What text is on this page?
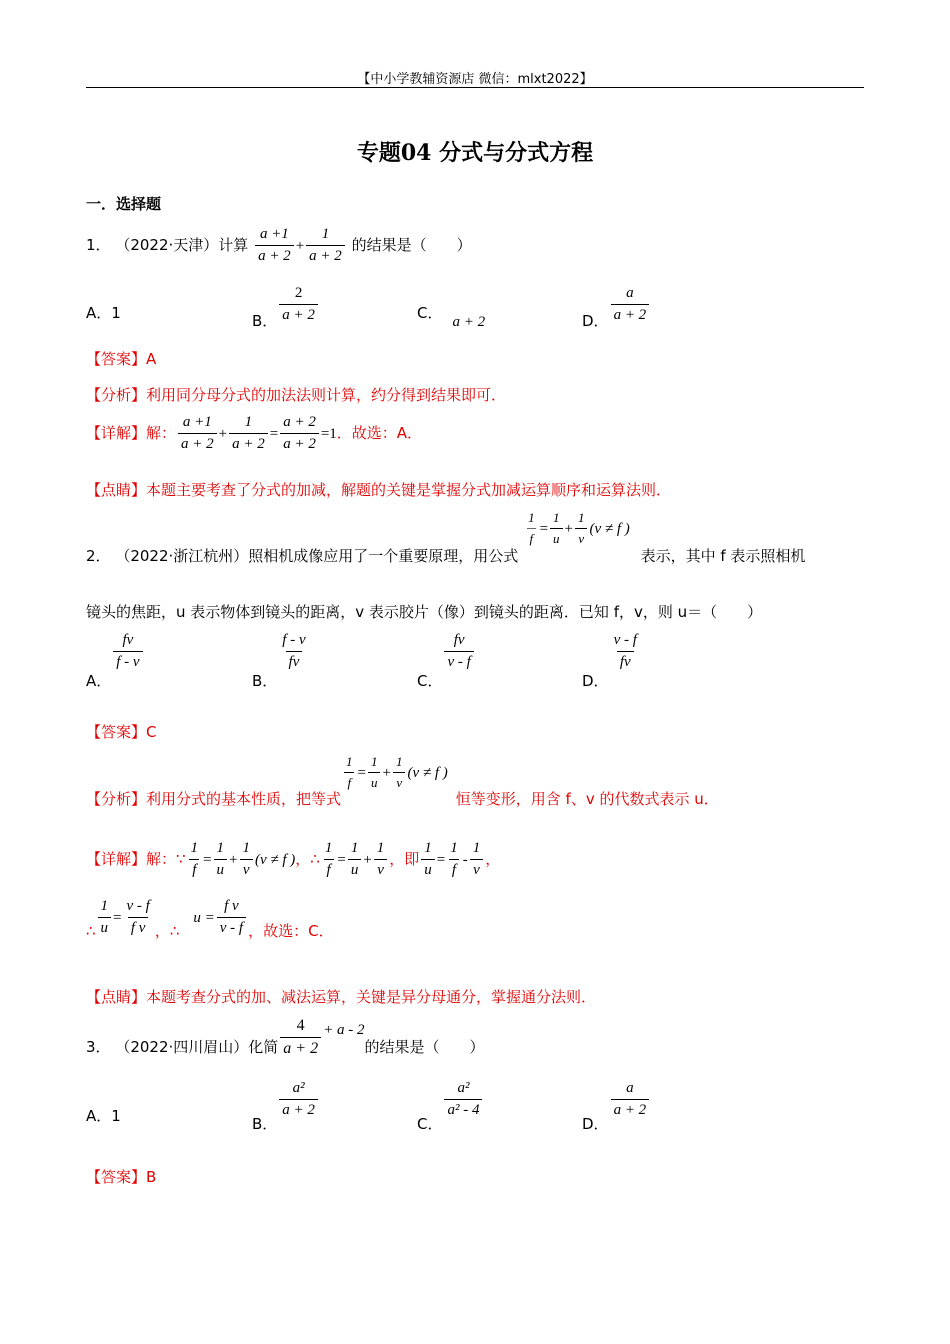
【中小学教辅资源店 微信：mlxt2022】
专题04 分式与分式方程
一．选择题
1． （2022·天津）计算 $\frac{a +1}{a + 2} + \frac{1}{a + 2}$ 的结果是（　　）
A．1	B． $\frac{2}{a + 2}$	C． a + 2	D． $\frac{a}{a + 2}$
【答案】A
【分析】利用同分母分式的加法法则计算，约分得到结果即可．
【详解】解： $\frac{a +1}{a + 2} + \frac{1}{a + 2} = \frac{a + 2}{a + 2} =1$．故选：A．
【点睛】本题主要考查了分式的加减，解题的关键是掌握分式加减运算顺序和运算法则．
2． （2022·浙江杭州）照相机成像应用了一个重要原理，用公式
$\frac{1}{f} = \frac{1}{u} + \frac{1}{v} (v \ne f$ ) 表示，其中 f 表示照相机
镜头的焦距，u 表示物体到镜头的距离，v 表示胶片（像）到镜头的距离．已知 f，v，则 u＝（　　）
A．
$\frac{fv}{f - v}$
B．
$\frac{f - v}{fv}$
C．
$\frac{fv}{v - f}$
D．
$\frac{v - f}{fv}$
【答案】C
【分析】利用分式的基本性质，把等式
$\frac{1}{f} = \frac{1}{u} + \frac{1}{v} (v \ne f$ )恒等变形，用含 f、v 的代数式表示 u．
【详解】解：∵ $\frac{1}{f} = \frac{1}{u} + \frac{1}{v} (v \ne f$ )，∴ $\frac{1}{f} = \frac{1}{u} + \frac{1}{v}$ ，即 $\frac{1}{u} = \frac{1}{f} - \frac{1}{v}$ ，
∴ $\frac{1}{u} = \frac{v - f}{\text{f v}}$ ，∴u = $\frac{\text{f v}}{v - f}$ ，故选：C．
【点睛】本题考查分式的加、减法运算，关键是异分母通分，掌握通分法则．
3． （2022·四川眉山）化简 $\frac{4}{a + 2} + a - 2$的结果是（　　）
A．1	B．
$\frac{\text{a²}}{a + 2}$
C．
$\frac{\text{a²}}{\text{a² - 4}}$
D．
$\frac{a}{a + 2}$
【答案】B
